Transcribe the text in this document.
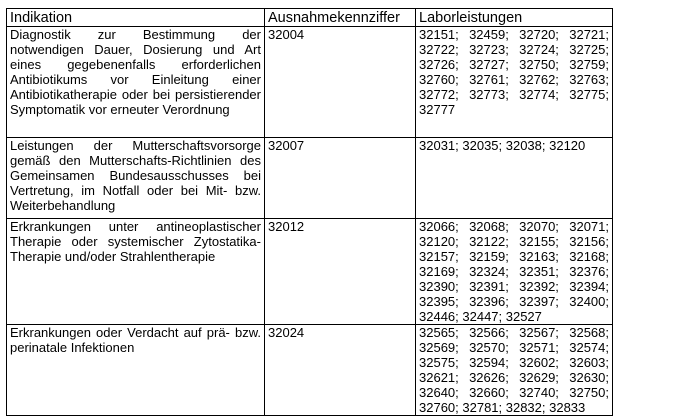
Indikation	Ausnahmekennziffer	Laborleistungen
Diagnostik zur Bestimmung der notwendigen Dauer, Dosierung und Art eines gegebenenfalls erforderlichen Antibiotikums vor Einleitung einer Antibiotikatherapie oder bei persistierender Symptomatik vor erneuter Verordnung	32004	32151; 32459; 32720; 32721; 32722; 32723; 32724; 32725; 32726; 32727; 32750; 32759; 32760; 32761; 32762; 32763; 32772; 32773; 32774; 32775; 32777
Leistungen der Mutterschaftsvorsorge gemäß den Mutterschafts-Richtlinien des Gemeinsamen Bundesausschusses bei Vertretung, im Notfall oder bei Mit- bzw. Weiterbehandlung	32007	32031; 32035; 32038; 32120
Erkrankungen unter antineoplastischer Therapie oder systemischer Zytostatika-Therapie und/oder Strahlentherapie	32012	32066; 32068; 32070; 32071; 32120; 32122; 32155; 32156; 32157; 32159; 32163; 32168; 32169; 32324; 32351; 32376; 32390; 32391; 32392; 32394; 32395; 32396; 32397; 32400; 32446; 32447; 32527
Erkrankungen oder Verdacht auf prä- bzw. perinatale Infektionen	32024	32565; 32566; 32567; 32568; 32569; 32570; 32571; 32574; 32575; 32594; 32602; 32603; 32621; 32626; 32629; 32630; 32640; 32660; 32740; 32750; 32760; 32781; 32832; 32833
